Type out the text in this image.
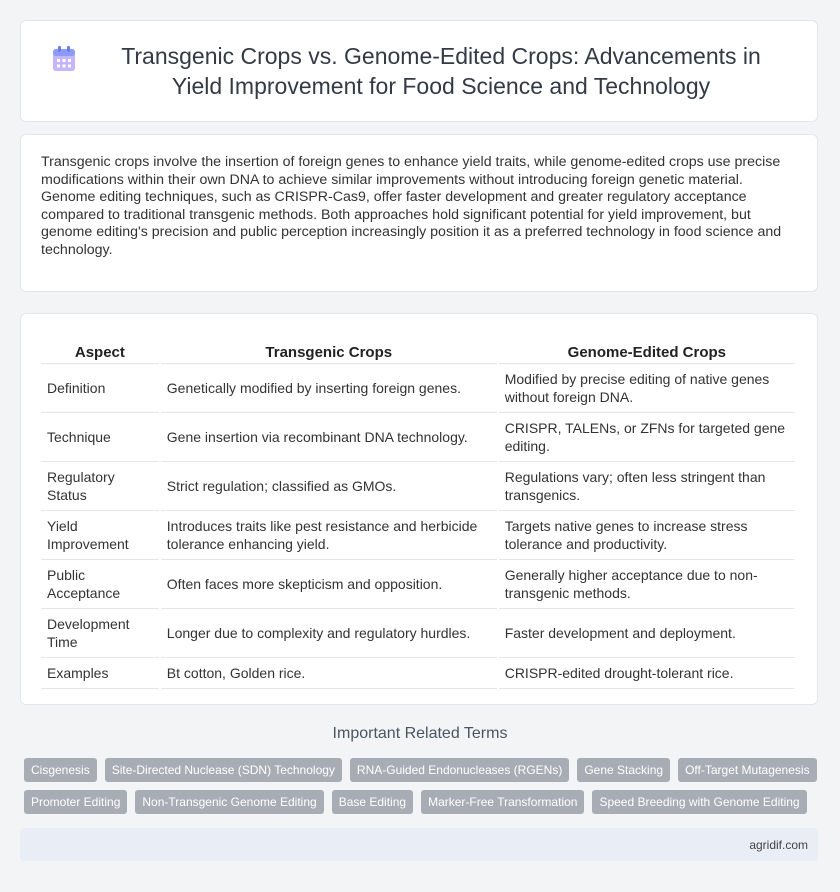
Transgenic Crops vs. Genome-Edited Crops: Advancements in Yield Improvement for Food Science and Technology

Transgenic crops involve the insertion of foreign genes to enhance yield traits, while genome-edited crops use precise modifications within their own DNA to achieve similar improvements without introducing foreign genetic material. Genome editing techniques, such as CRISPR-Cas9, offer faster development and greater regulatory acceptance compared to traditional transgenic methods. Both approaches hold significant potential for yield improvement, but genome editing's precision and public perception increasingly position it as a preferred technology in food science and technology.

Aspect	Transgenic Crops	Genome-Edited Crops
Definition	Genetically modified by inserting foreign genes.	Modified by precise editing of native genes without foreign DNA.
Technique	Gene insertion via recombinant DNA technology.	CRISPR, TALENs, or ZFNs for targeted gene editing.
Regulatory Status	Strict regulation; classified as GMOs.	Regulations vary; often less stringent than transgenics.
Yield Improvement	Introduces traits like pest resistance and herbicide tolerance enhancing yield.	Targets native genes to increase stress tolerance and productivity.
Public Acceptance	Often faces more skepticism and opposition.	Generally higher acceptance due to non-transgenic methods.
Development Time	Longer due to complexity and regulatory hurdles.	Faster development and deployment.
Examples	Bt cotton, Golden rice.	CRISPR-edited drought-tolerant rice.
Important Related Terms
Cisgenesis	Site-Directed Nuclease (SDN) Technology	RNA-Guided Endonucleases (RGENs)	Gene Stacking	Off-Target Mutagenesis
Promoter Editing	Non-Transgenic Genome Editing	Base Editing	Marker-Free Transformation	Speed Breeding with Genome Editing
agridif.com
